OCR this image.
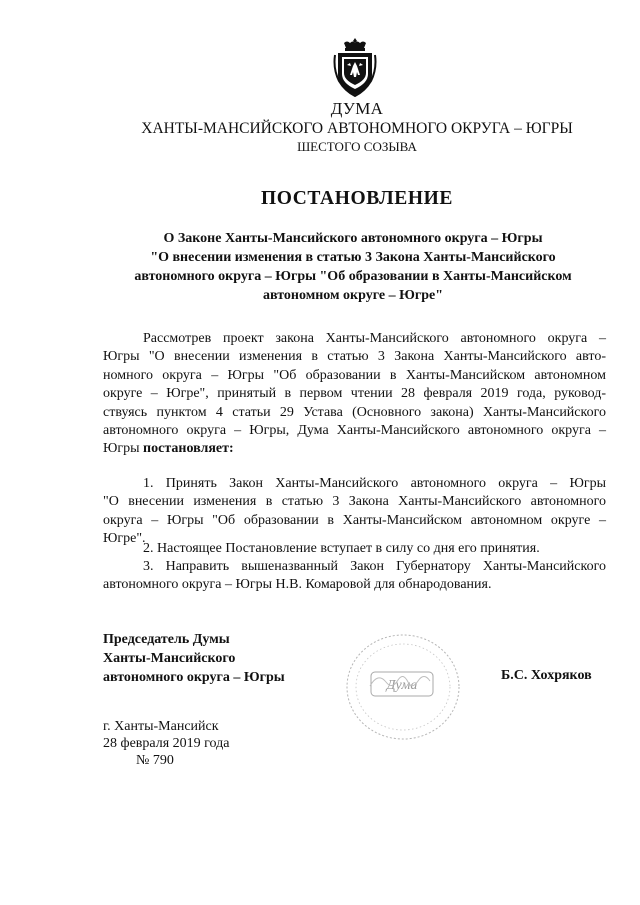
ДУМА
ХАНТЫ-МАНСИЙСКОГО АВТОНОМНОГО ОКРУГА – ЮГРЫ
ШЕСТОГО СОЗЫВА
ПОСТАНОВЛЕНИЕ
О Законе Ханты-Мансийского автономного округа – Югры
"О внесении изменения в статью 3 Закона Ханты-Мансийского
автономного округа – Югры "Об образовании в Ханты-Мансийском
автономном округе – Югре"
Рассмотрев проект закона Ханты-Мансийского автономного округа –
Югры "О внесении изменения в статью 3 Закона Ханты-Мансийского авто-
номного округа – Югры "Об образовании в Ханты-Мансийском автономном
округе – Югре", принятый в первом чтении 28 февраля 2019 года, руковод-
ствуясь пунктом 4 статьи 29 Устава (Основного закона) Ханты-Мансийского
автономного округа – Югры, Дума Ханты-Мансийского автономного округа –
Югры постановляет:
1. Принять Закон Ханты-Мансийского автономного округа – Югры
"О внесении изменения в статью 3 Закона Ханты-Мансийского автономного
округа – Югры "Об образовании в Ханты-Мансийском автономном округе –
Югре".
2. Настоящее Постановление вступает в силу со дня его принятия.
3. Направить вышеназванный Закон Губернатору Ханты-Мансийского
автономного округа – Югры Н.В. Комаровой для обнародования.
Председатель Думы
Ханты-Мансийского
автономного округа – Югры
Дума
Б.С. Хохряков
г. Ханты-Мансийск
28 февраля 2019 года
№ 790
